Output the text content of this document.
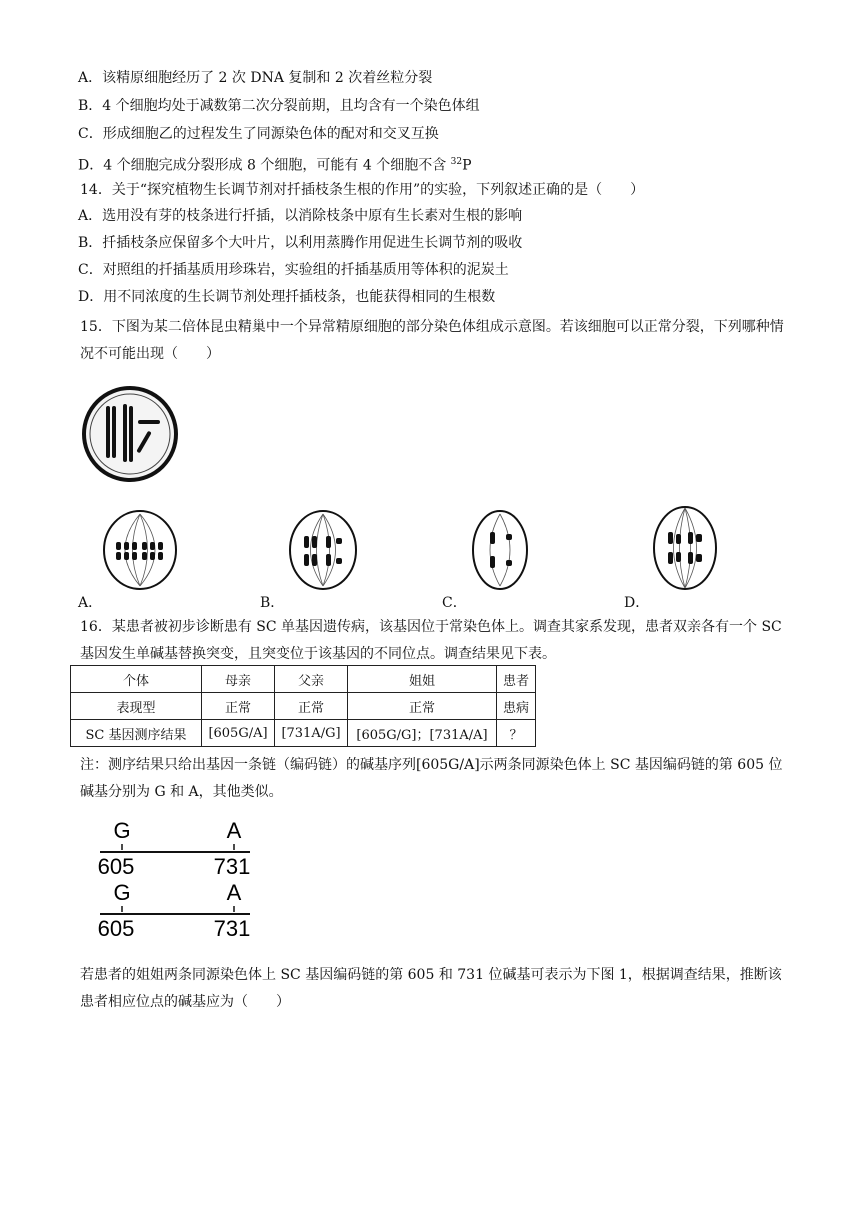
A．该精原细胞经历了 2 次 DNA 复制和 2 次着丝粒分裂
B．4 个细胞均处于减数第二次分裂前期，且均含有一个染色体组
C．形成细胞乙的过程发生了同源染色体的配对和交叉互换
D．4 个细胞完成分裂形成 8 个细胞，可能有 4 个细胞不含 $^{32}$P
14．关于“探究植物生长调节剂对扦插枝条生根的作用”的实验，下列叙述正确的是（　　）
A．选用没有芽的枝条进行扦插，以消除枝条中原有生长素对生根的影响
B．扦插枝条应保留多个大叶片，以利用蒸腾作用促进生长调节剂的吸收
C．对照组的扦插基质用珍珠岩，实验组的扦插基质用等体积的泥炭土
D．用不同浓度的生长调节剂处理扦插枝条，也能获得相同的生根数
15．下图为某二倍体昆虫精巢中一个异常精原细胞的部分染色体组成示意图。若该细胞可以正常分裂，下列哪种情况不可能出现（　　）
A．	B．	C．	D．
16．某患者被初步诊断患有 SC 单基因遗传病，该基因位于常染色体上。调查其家系发现，患者双亲各有一个 SC 基因发生单碱基替换突变，且突变位于该基因的不同位点。调查结果见下表。
个体	母亲	父亲	姐姐	患者
表现型	正常	正常	正常	患病
SC 基因测序结果	[605G/A]	[731A/G]	[605G/G]；[731A/A]	？
注：测序结果只给出基因一条链（编码链）的碱基序列[605G/A]示两条同源染色体上 SC 基因编码链的第 605 位碱基分别为 G 和 A，其他类似。
G	A
605	731
G	A
605	731
若患者的姐姐两条同源染色体上 SC 基因编码链的第 605 和 731 位碱基可表示为下图 1，根据调查结果，推断该患者相应位点的碱基应为（　　）
